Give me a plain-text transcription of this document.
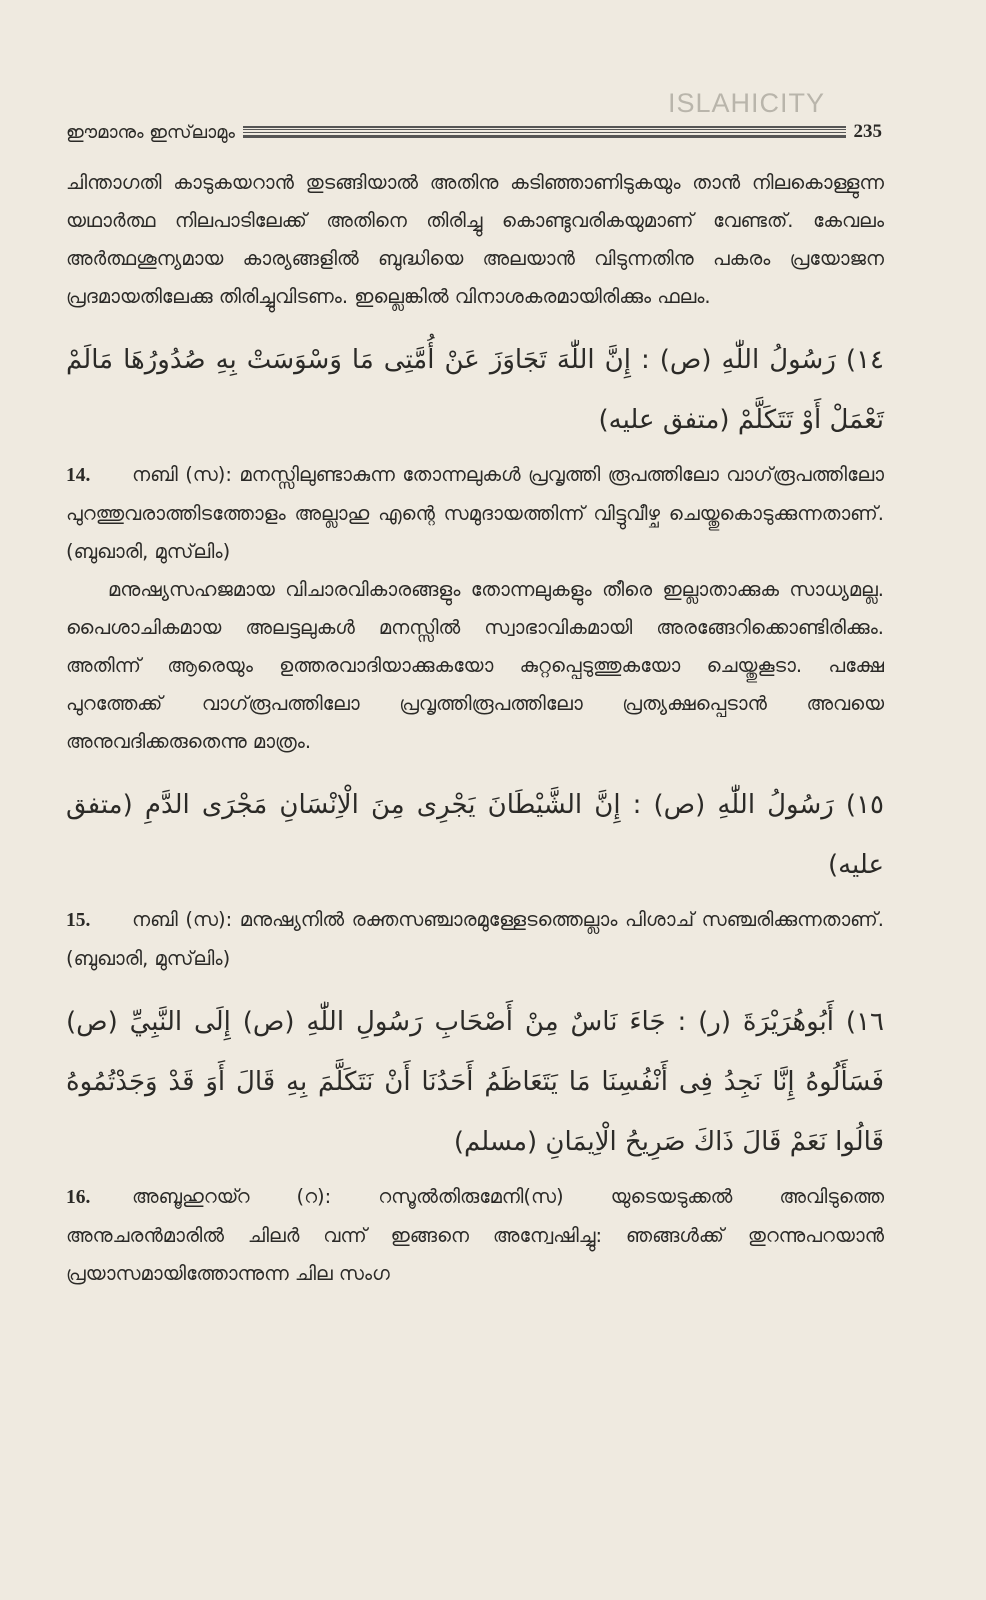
ISLAHICITY
ഈമാനും ഇസ്‌ലാമും	235

ചിന്താഗതി കാടുകയറാൻ തുടങ്ങിയാൽ അതിനു കടിഞ്ഞാണിടുകയും താൻ നിലകൊള്ളുന്ന യഥാർത്ഥ നിലപാടിലേക്ക് അതിനെ തിരിച്ചു കൊണ്ടുവരികയുമാണ് വേണ്ടത്. കേവലം അർത്ഥശൂന്യമായ കാര്യങ്ങളിൽ ബുദ്ധിയെ അലയാൻ വിടുന്നതിനു പകരം പ്രയോജന പ്രദമായതിലേക്കു തിരിച്ചുവിടണം. ഇല്ലെങ്കിൽ വിനാശകരമായിരിക്കും ഫലം.

١٤) رَسُولُ اللّٰهِ (ص) : إِنَّ اللّٰهَ تَجَاوَزَ عَنْ أُمَّتِى مَا وَسْوَسَتْ بِهِ صُدُورُهَا مَالَمْ تَعْمَلْ أَوْ تَتَكَلَّمْ (متفق عليه)

14. നബി (സ): മനസ്സിലുണ്ടാകുന്ന തോന്നലുകൾ പ്രവൃത്തി രൂപത്തിലോ വാഗ്‌രൂപത്തിലോ പുറത്തുവരാത്തിടത്തോളം അല്ലാഹു എന്റെ സമുദായത്തിന്ന് വിട്ടുവീഴ്ച ചെയ്തുകൊടുക്കുന്നതാണ്. (ബുഖാരി, മുസ്‌ലിം)

മനുഷ്യസഹജമായ വിചാരവികാരങ്ങളും തോന്നലുകളും തീരെ ഇല്ലാതാക്കുക സാധ്യമല്ല. പൈശാചികമായ അലട്ടലുകൾ മനസ്സിൽ സ്വാഭാവികമായി അരങ്ങേറിക്കൊണ്ടിരിക്കും. അതിന്ന് ആരെയും ഉത്തരവാദിയാക്കുകയോ കുറ്റപ്പെടുത്തുകയോ ചെയ്തുകൂടാ. പക്ഷേ പുറത്തേക്ക് വാഗ്‌രൂപത്തിലോ പ്രവൃത്തിരൂപത്തിലോ പ്രത്യക്ഷപ്പെടാൻ അവയെ അനുവദിക്കരുതെന്നു മാത്രം.

١٥) رَسُولُ اللّٰهِ (ص) : إِنَّ الشَّيْطَانَ يَجْرِى مِنَ الْاِنْسَانِ مَجْرَى الدَّمِ (متفق عليه)

15. നബി (സ): മനുഷ്യനിൽ രക്തസഞ്ചാരമുള്ളേടത്തെല്ലാം പിശാച് സഞ്ചരിക്കുന്നതാണ്. (ബുഖാരി, മുസ്‌ലിം)

١٦) أَبُوهُرَيْرَةَ (ر) : جَاءَ نَاسٌ مِنْ أَصْحَابِ رَسُولِ اللّٰهِ (ص) إِلَى النَّبِيِّ (ص) فَسَأَلُوهُ إِنَّا نَجِدُ فِى أَنْفُسِنَا مَا يَتَعَاظَمُ أَحَدُنَا أَنْ نَتَكَلَّمَ بِهِ قَالَ أَوَ قَدْ وَجَدْتُمُوهُ قَالُوا نَعَمْ قَالَ ذَاكَ صَرِيحُ الْاِيمَانِ (مسلم)

16. അബൂഹുറയ്റ (റ): റസൂൽതിരുമേനി(സ) യുടെയടുക്കൽ അവിടുത്തെ അനുചരൻമാരിൽ ചിലർ വന്ന് ഇങ്ങനെ അന്വേഷിച്ചു: ഞങ്ങൾക്ക് തുറന്നുപറയാൻ പ്രയാസമായിത്തോന്നുന്ന ചില സംഗ
